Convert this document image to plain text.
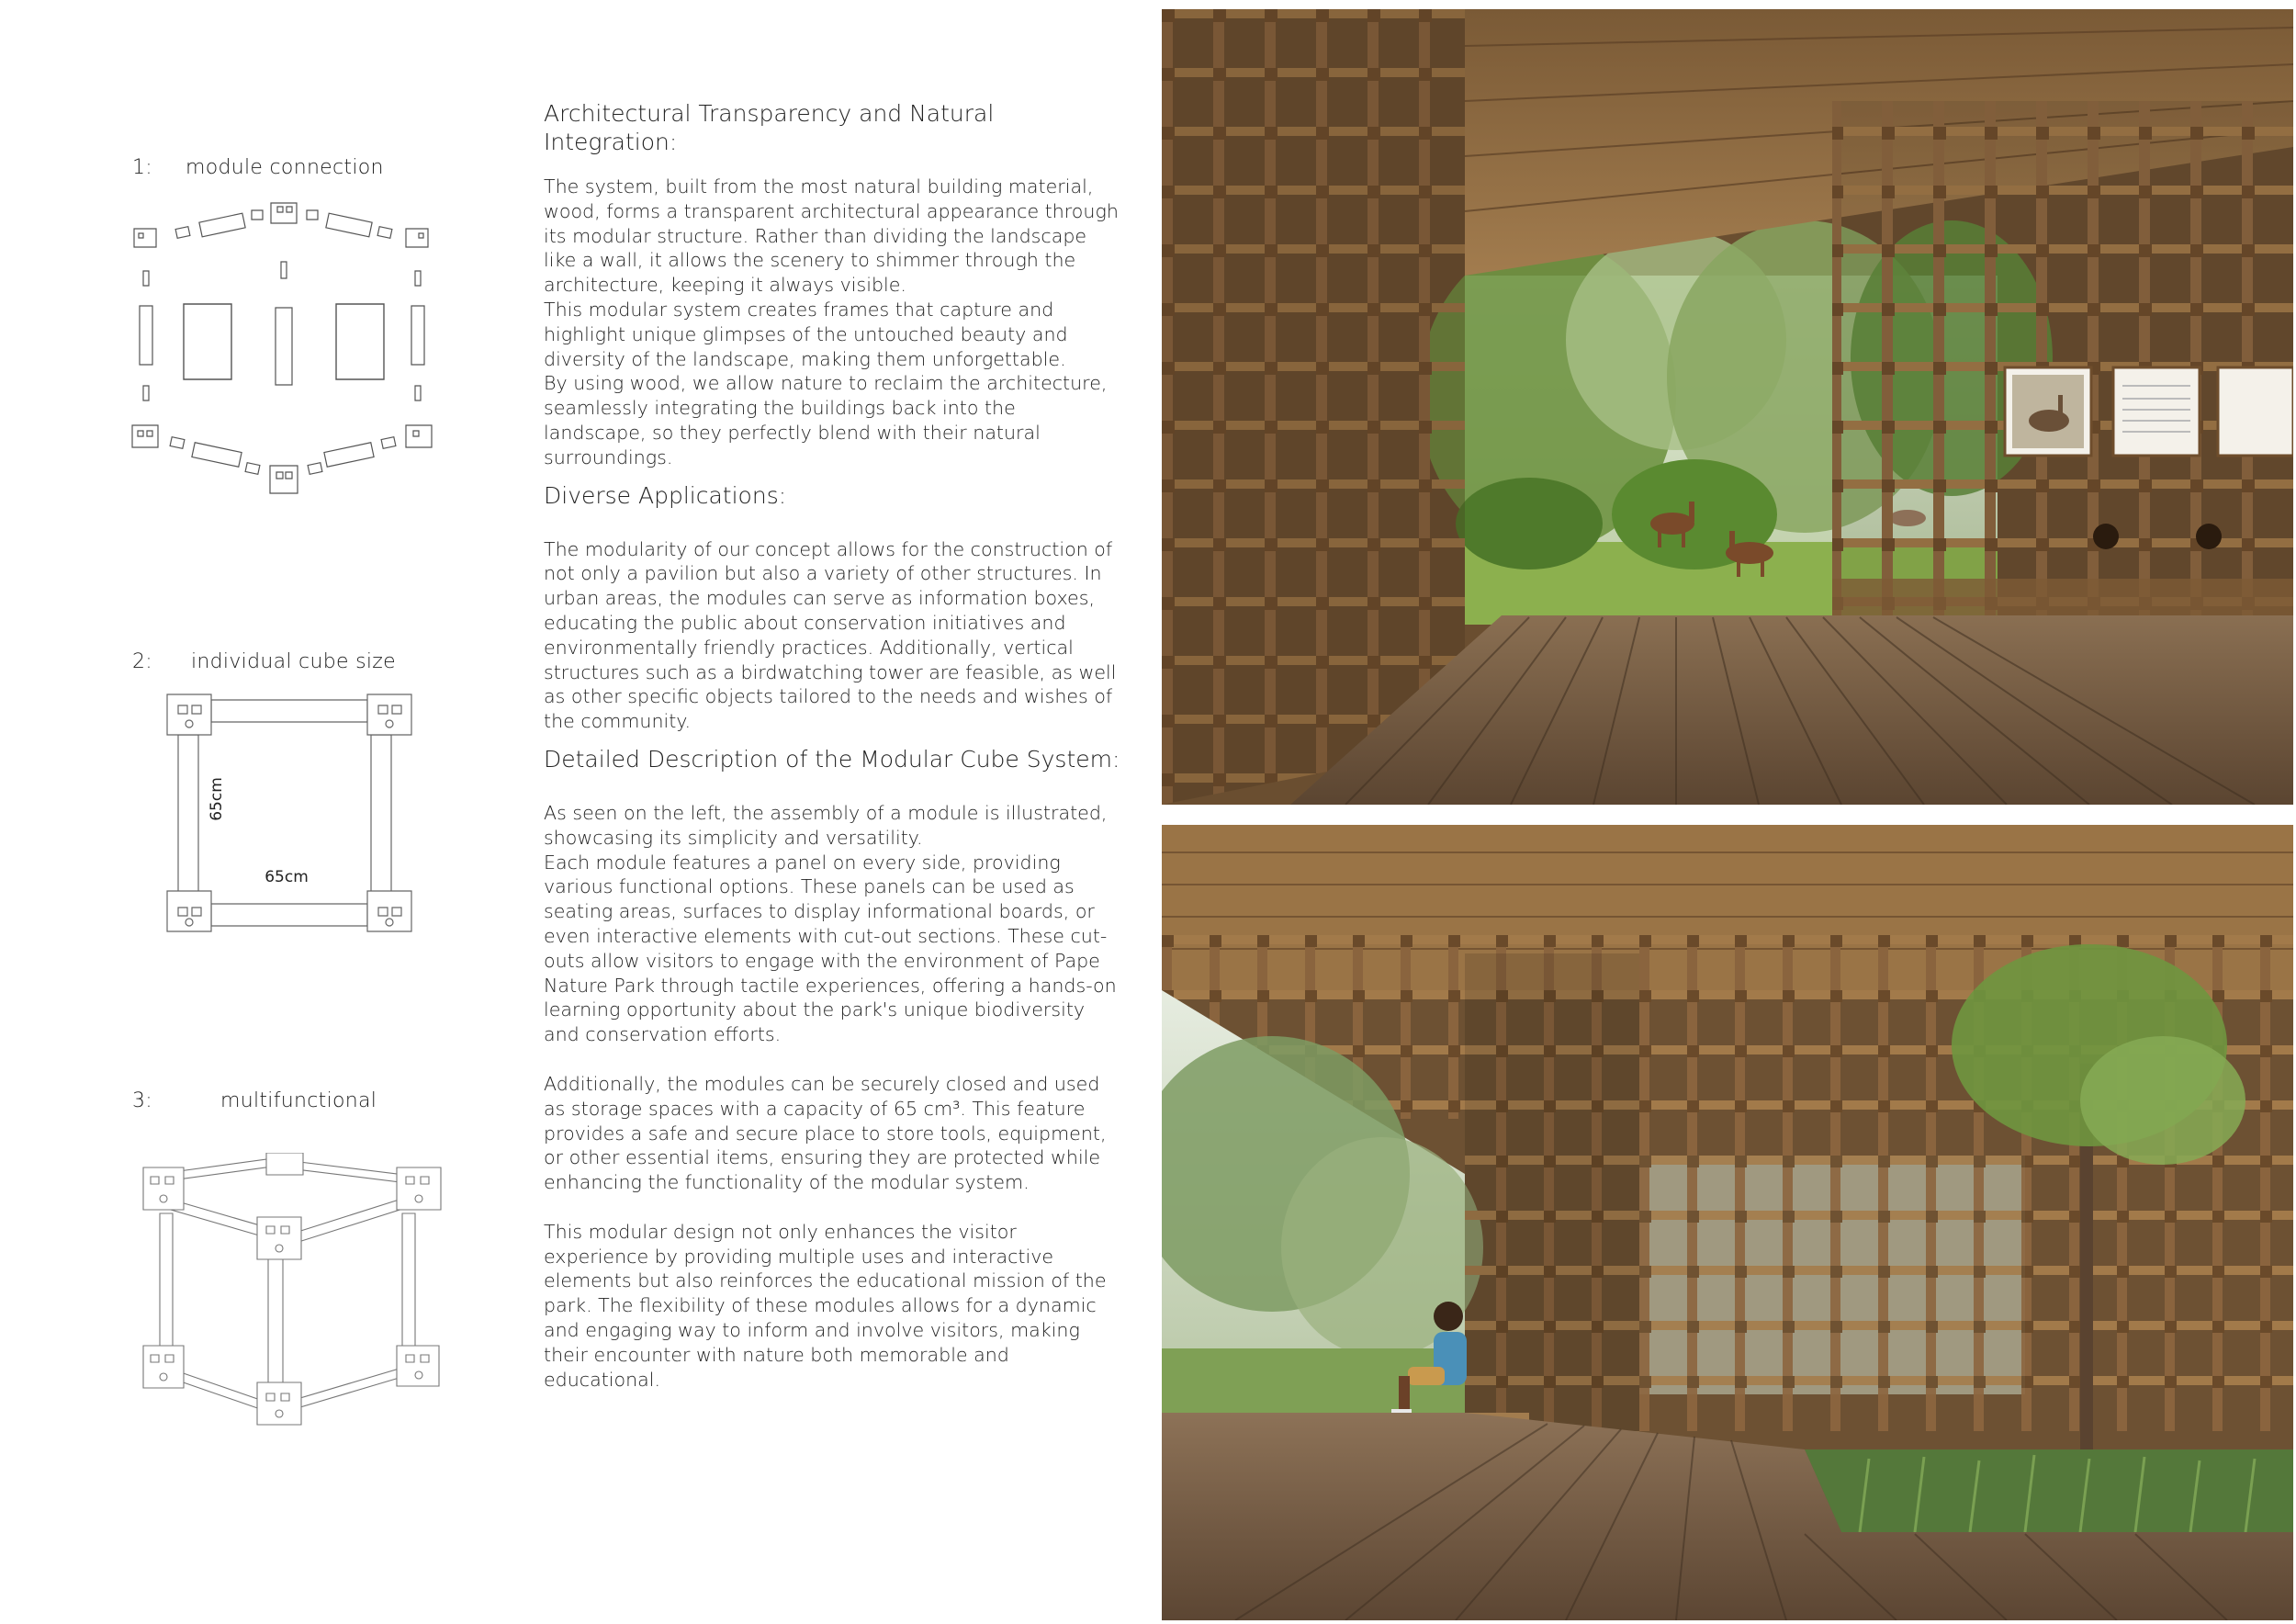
1: module connection
2: individual cube size
65cm
65cm
3:	multifunctional
Architectural Transparency and Natural Integration:

The system, built from the most natural building material, wood, forms a transparent architectural appearance through its modular structure. Rather than dividing the landscape like a wall, it allows the scenery to shimmer through the architecture, keeping it always visible.

This modular system creates frames that capture and highlight unique glimpses of the untouched beauty and diversity of the landscape, making them unforgettable.

By using wood, we allow nature to reclaim the architecture, seamlessly integrating the buildings back into the landscape, so they perfectly blend with their natural surroundings.

Diverse Applications:

The modularity of our concept allows for the construction of not only a pavilion but also a variety of other structures. In urban areas, the modules can serve as information boxes, educating the public about conservation initiatives and environmentally friendly practices. Additionally, vertical structures such as a birdwatching tower are feasible, as well as other specific objects tailored to the needs and wishes of the community.

Detailed Description of the Modular Cube System:

As seen on the left, the assembly of a module is illustrated, showcasing its simplicity and versatility.

Each module features a panel on every side, providing various functional options. These panels can be used as seating areas, surfaces to display informational boards, or even interactive elements with cut-out sections. These cut-outs allow visitors to engage with the environment of Pape Nature Park through tactile experiences, offering a hands-on learning opportunity about the park's unique biodiversity and conservation efforts.

Additionally, the modules can be securely closed and used as storage spaces with a capacity of 65 cm³. This feature provides a safe and secure place to store tools, equipment, or other essential items, ensuring they are protected while enhancing the functionality of the modular system.

This modular design not only enhances the visitor experience by providing multiple uses and interactive elements but also reinforces the educational mission of the park. The flexibility of these modules allows for a dynamic and engaging way to inform and involve visitors, making their encounter with nature both memorable and educational.
